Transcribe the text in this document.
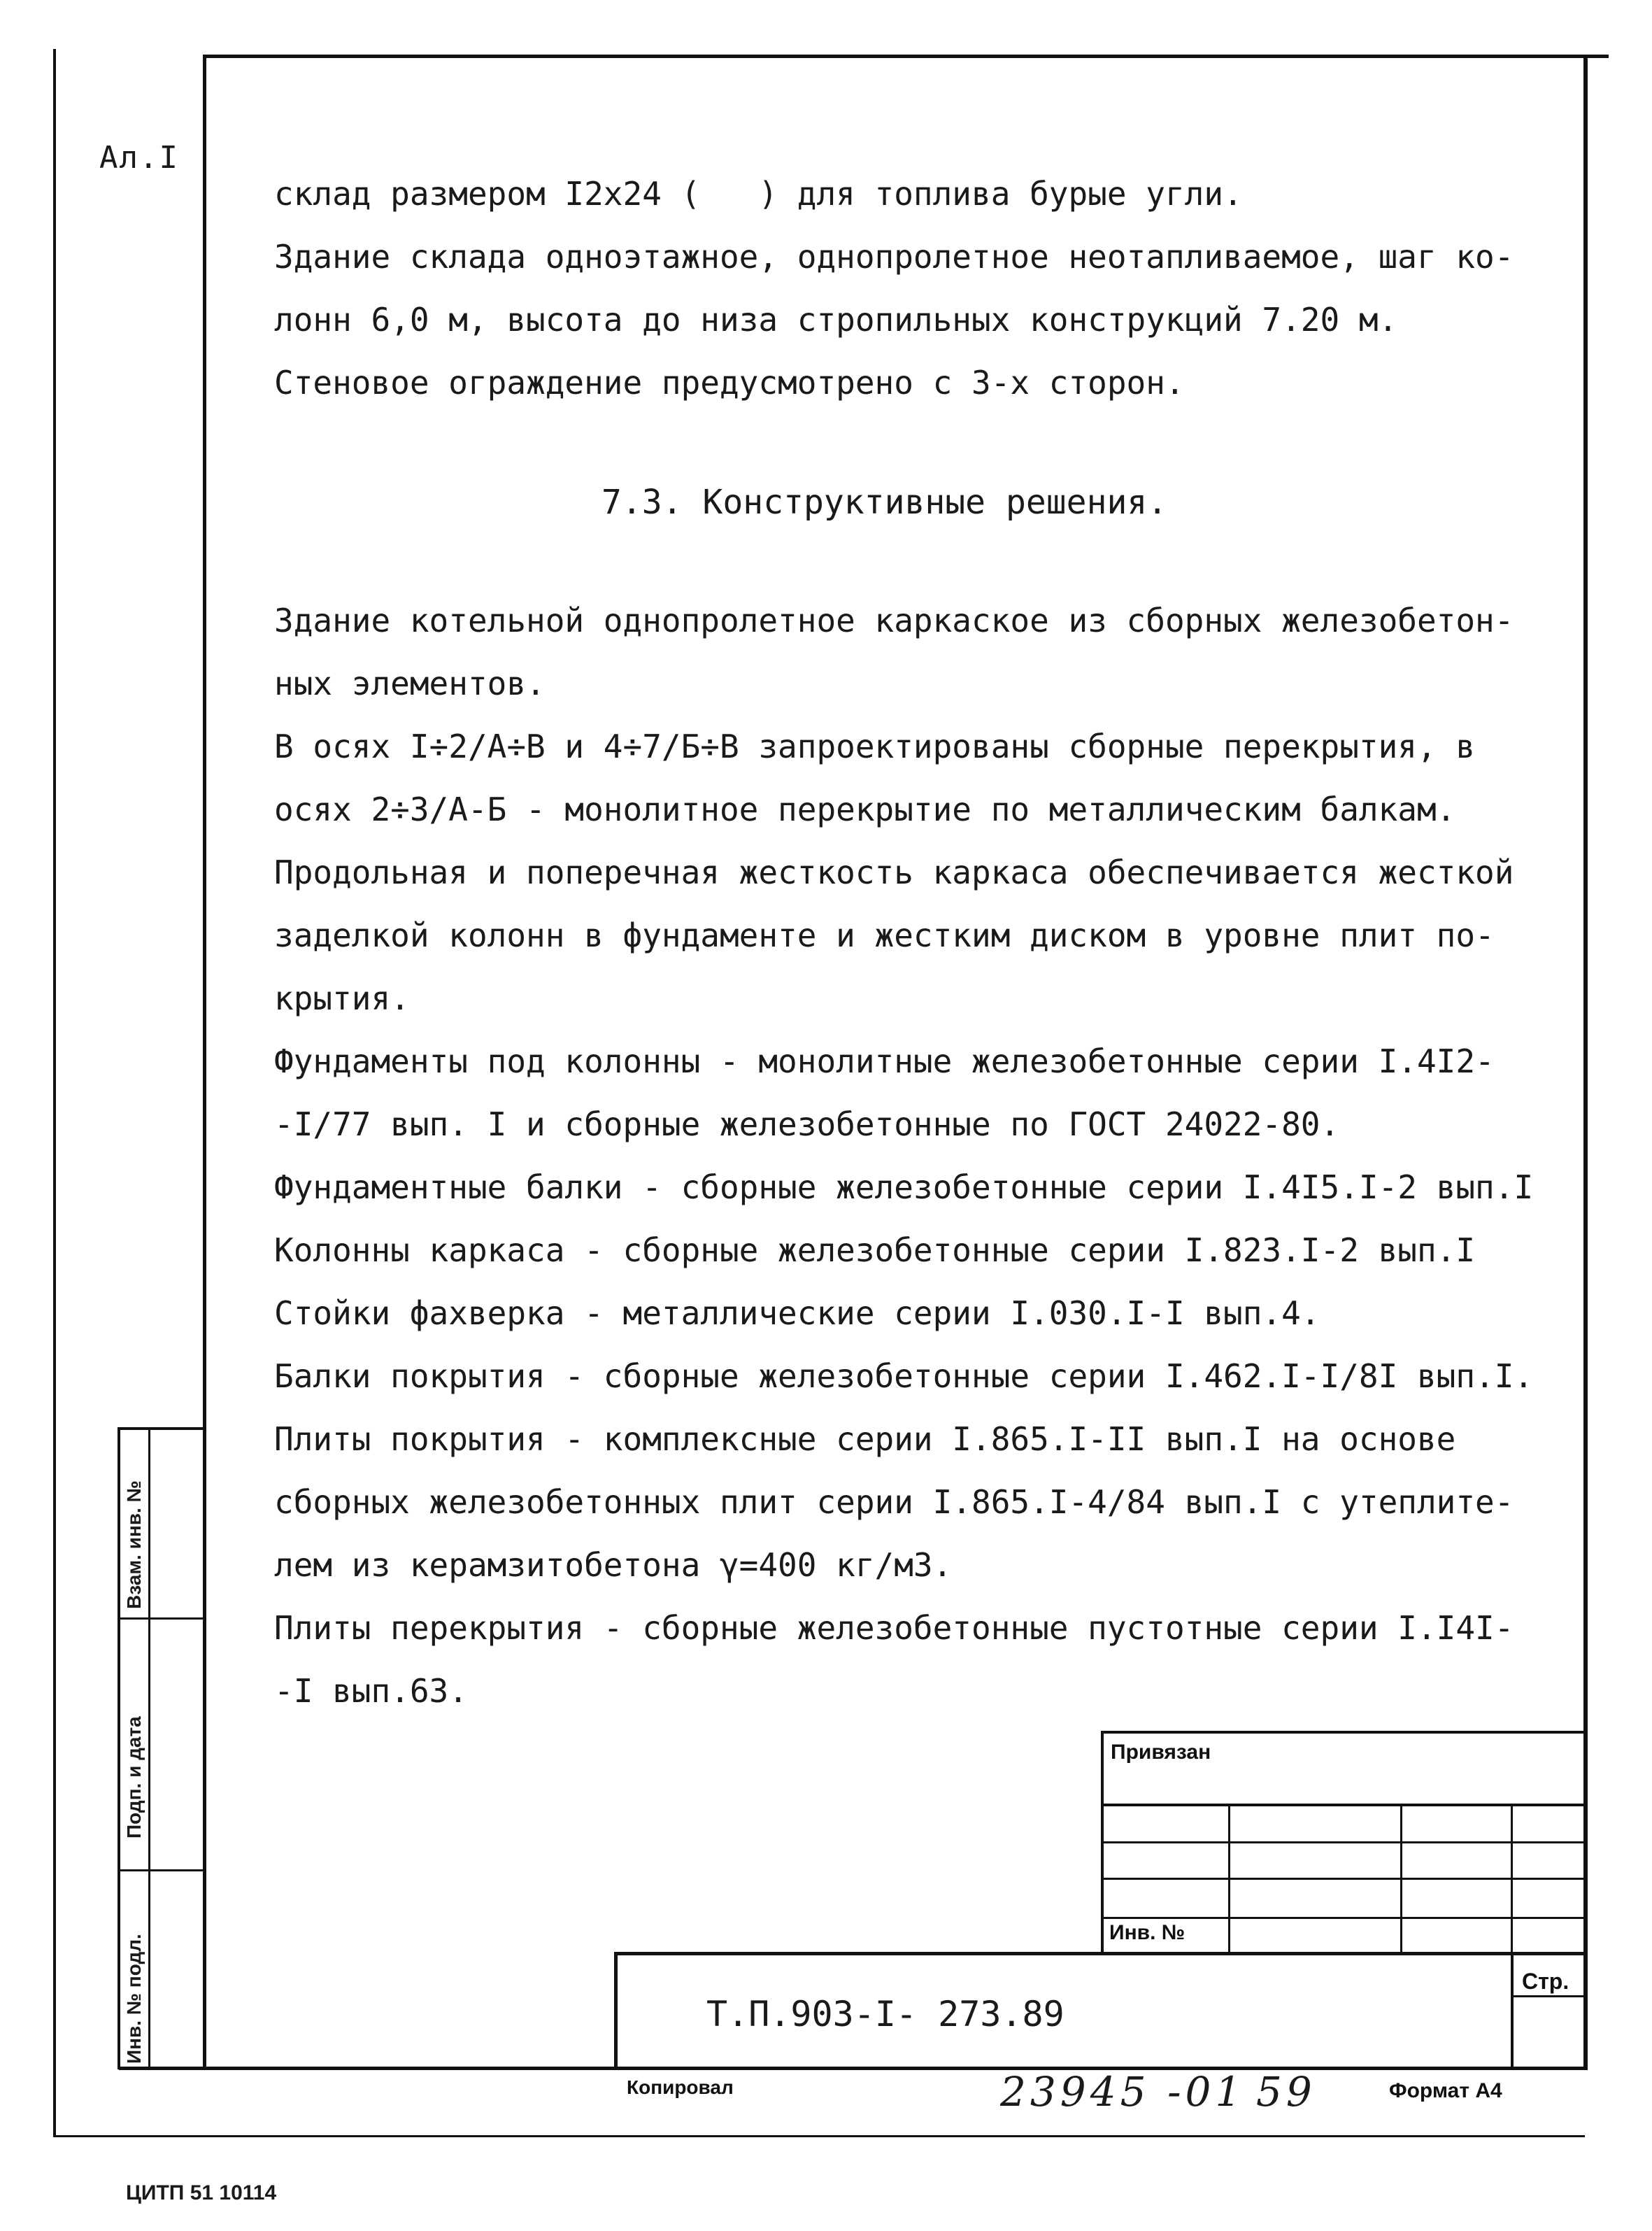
Ал.I
склад размером I2х24 (   ) для топлива бурые угли.
Здание склада одноэтажное, однопролетное неотапливаемое, шаг ко-
лонн 6,0 м, высота до низа стропильных конструкций 7.20 м.
Стеновое ограждение предусмотрено с 3-х сторон.
7.3. Конструктивные решения.
Здание котельной однопролетное каркаское из сборных железобетон-
ных элементов.
В осях I÷2/А÷В и 4÷7/Б÷В запроектированы сборные перекрытия, в
осях 2÷3/А-Б - монолитное перекрытие по металлическим балкам.
Продольная и поперечная жесткость каркаса обеспечивается жесткой
заделкой колонн в фундаменте и жестким диском в уровне плит по-
крытия.
Фундаменты под колонны - монолитные железобетонные серии I.4I2-
-I/77 вып. I и сборные железобетонные по ГОСТ 24022-80.
Фундаментные балки - сборные железобетонные серии I.4I5.I-2 вып.I
Колонны каркаса - сборные железобетонные серии I.823.I-2 вып.I
Стойки фахверка - металлические серии I.030.I-I вып.4.
Балки покрытия - сборные железобетонные серии I.462.I-I/8I вып.I.
Плиты покрытия - комплексные серии I.865.I-II вып.I на основе
сборных железобетонных плит серии I.865.I-4/84 вып.I с утеплите-
лем из керамзитобетона γ=400 кг/м3.
Плиты перекрытия - сборные железобетонные пустотные серии I.I4I-
-I вып.63.
Взам. инв. №
Подп. и дата
Инв. № подл.
Привязан
Инв. №
Стр.
Т.П.903-I- 273.89
Копировал	23945 -01 59	Формат А4
ЦИТП 51 10114
